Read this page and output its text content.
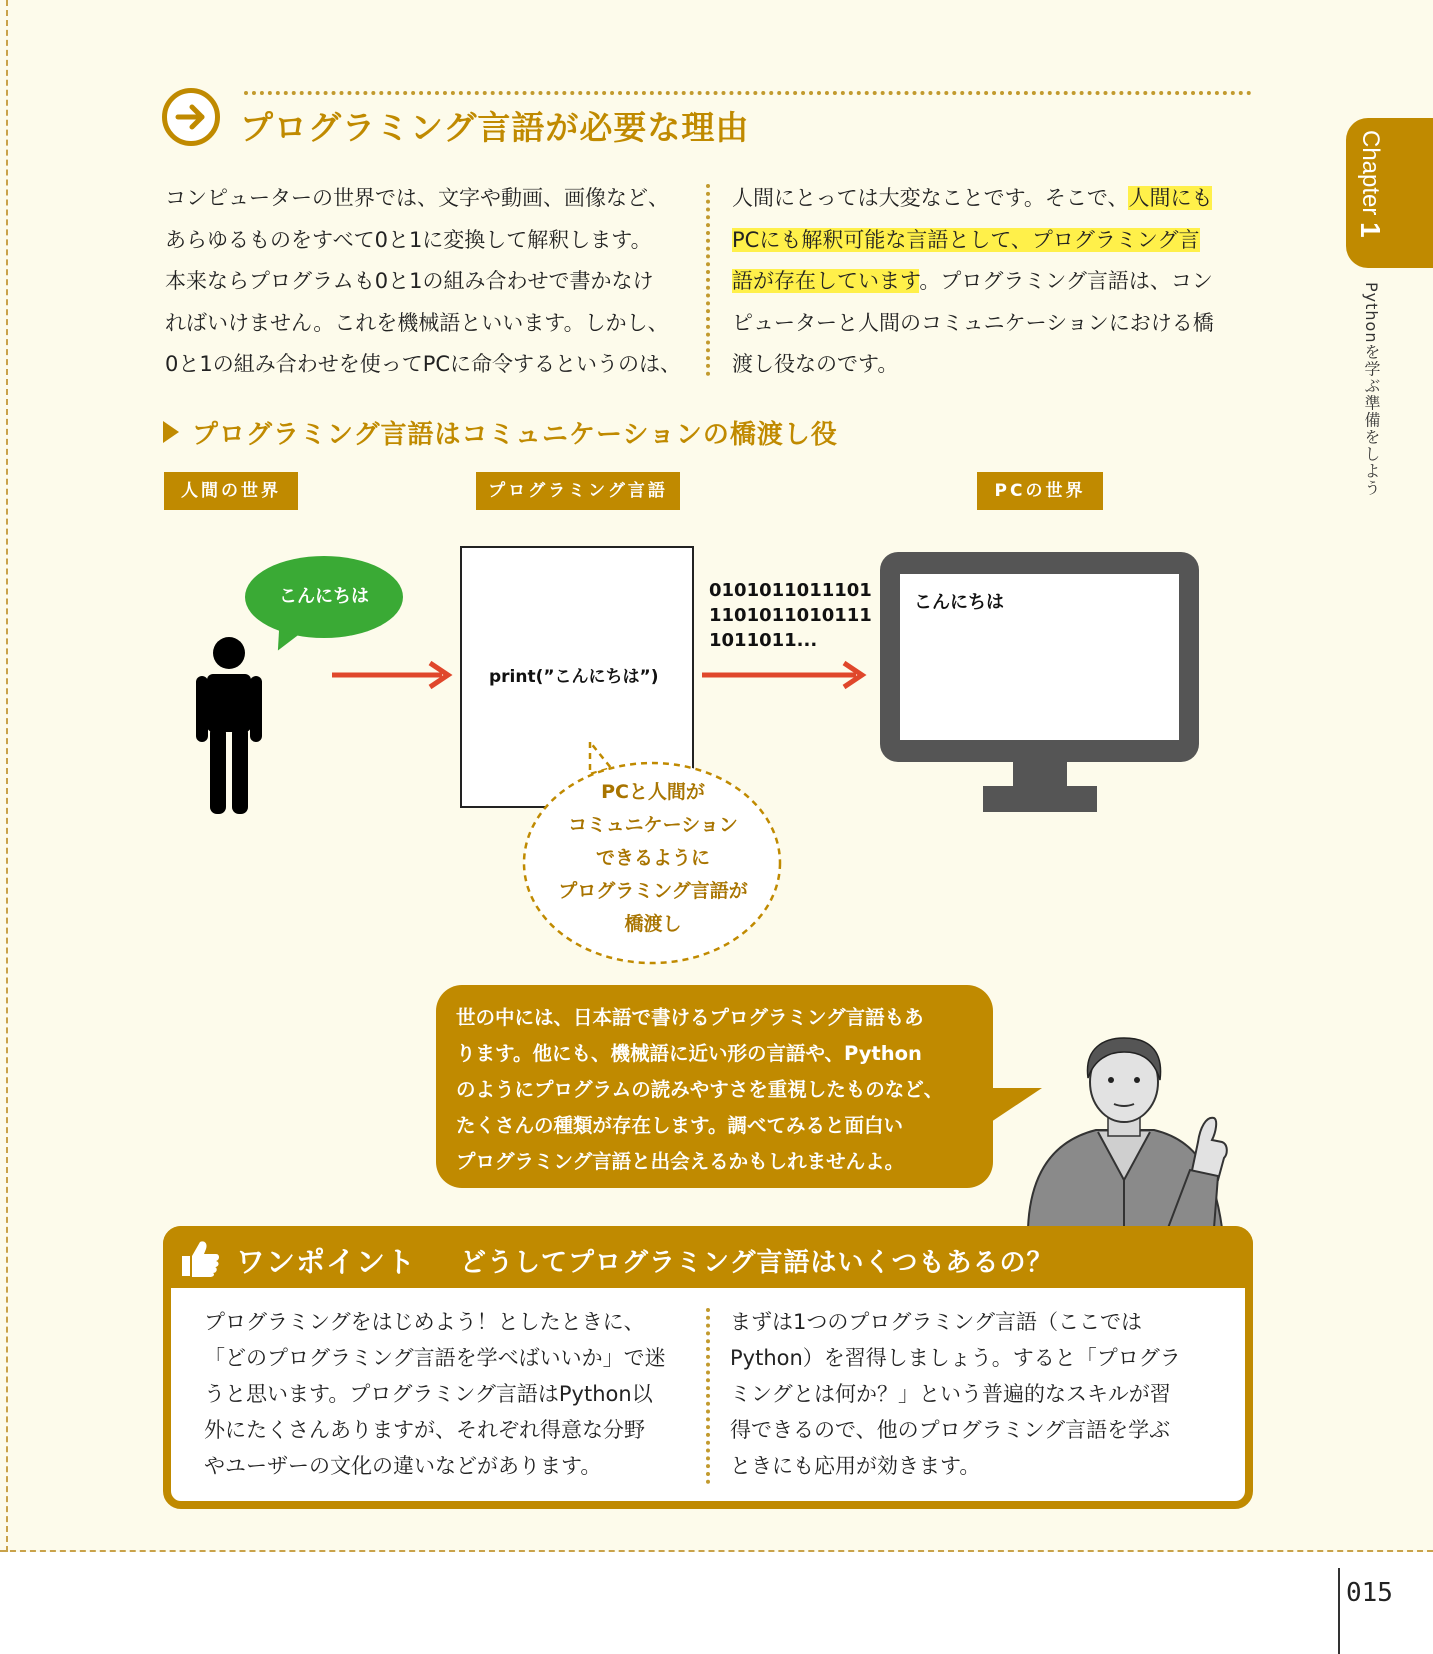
プログラミング言語が必要な理由
コンピューターの世界では、文字や動画、画像など、
あらゆるものをすべて0と1に変換して解釈します。
本来ならプログラムも0と1の組み合わせで書かなけ
ればいけません。これを機械語といいます。しかし、
0と1の組み合わせを使ってPCに命令するというのは、
人間にとっては大変なことです。そこで、人間にも
PCにも解釈可能な言語として、プログラミング言
語が存在しています。プログラミング言語は、コン
ピューターと人間のコミュニケーションにおける橋
渡し役なのです。
Chapter 1
Pythonを学ぶ準備をしよう
プログラミング言語はコミュニケーションの橋渡し役
人間の世界	プログラミング言語	PCの世界
こんにちは
print(”こんにちは”)
0101011011101
1101011010111
1011011...
こんにちは
PCと人間が
コミュニケーション
できるように
プログラミング言語が
橋渡し
世の中には、日本語で書けるプログラミング言語もあ
ります。他にも、機械語に近い形の言語や、Python
のようにプログラムの読みやすさを重視したものなど、
たくさんの種類が存在します。調べてみると面白い
プログラミング言語と出会えるかもしれませんよ。
ワンポイント どうしてプログラミング言語はいくつもあるの？
プログラミングをはじめよう！としたときに、
「どのプログラミング言語を学べばいいか」で迷
うと思います。プログラミング言語はPython以
外にたくさんありますが、それぞれ得意な分野
やユーザーの文化の違いなどがあります。
まずは1つのプログラミング言語（ここでは
Python）を習得しましょう。すると「プログラ
ミングとは何か？」という普遍的なスキルが習
得できるので、他のプログラミング言語を学ぶ
ときにも応用が効きます。
015
